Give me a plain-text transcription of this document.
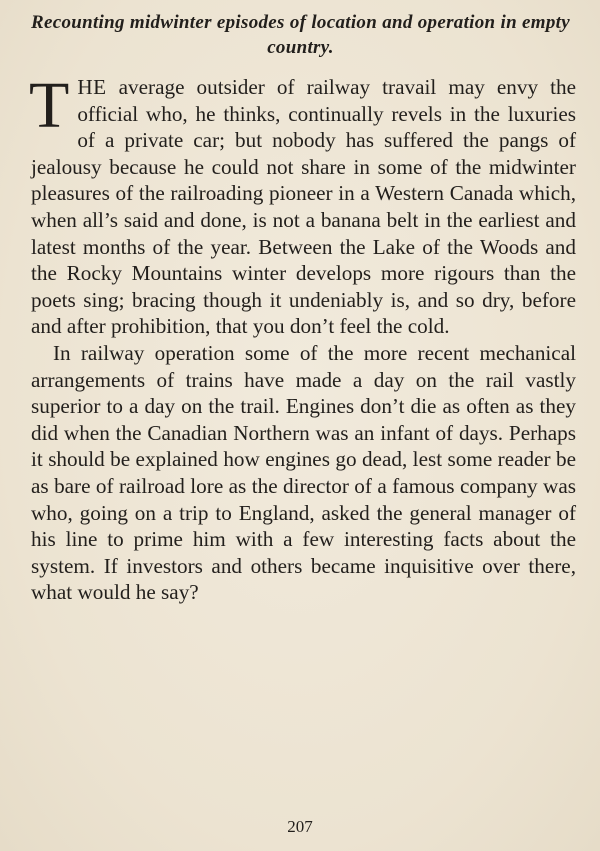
Recounting midwinter episodes of location and operation in empty country.

THE average outsider of railway travail may envy the official who, he thinks, continually revels in the luxuries of a private car; but nobody has suffered the pangs of jealousy because he could not share in some of the midwinter pleasures of the railroading pioneer in a Western Canada which, when all’s said and done, is not a banana belt in the earliest and latest months of the year. Between the Lake of the Woods and the Rocky Mountains winter develops more rigours than the poets sing; bracing though it undeniably is, and so dry, before and after prohibition, that you don’t feel the cold.

In railway operation some of the more recent mechanical arrangements of trains have made a day on the rail vastly superior to a day on the trail. Engines don’t die as often as they did when the Canadian Northern was an infant of days. Perhaps it should be explained how engines go dead, lest some reader be as bare of railroad lore as the director of a famous company was who, going on a trip to England, asked the general manager of his line to prime him with a few interesting facts about the system. If investors and others became inquisitive over there, what would he say?

207
